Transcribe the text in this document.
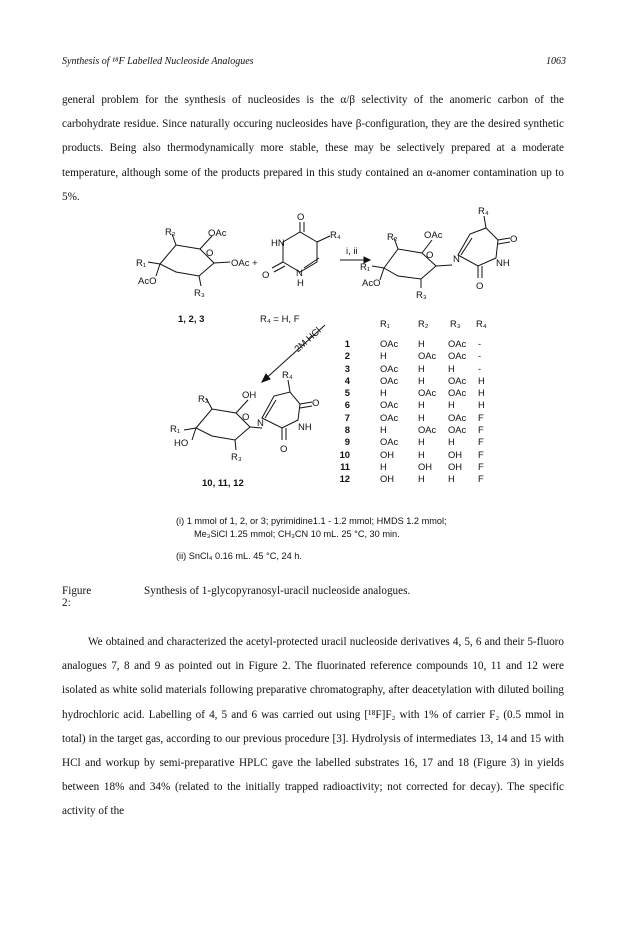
Synthesis of ¹⁸F Labelled Nucleoside Analogues	1063
general problem for the synthesis of nucleosides is the α/β selectivity of the anomeric carbon of the carbohydrate residue. Since naturally occuring nucleosides have β-configuration, they are the desired synthetic products. Being also thermodynamically more stable, these may be selectively prepared at a moderate temperature, although some of the products prepared in this study contained an α-anomer contamination up to 5%.
R₂	OAc
R₁
AcO
R₃
O
OAc +
O
HN
R₄
O	N
H
i, ii
R₂	OAc
R₁
AcO
R₃
O
R₄
O
N	NH
O
2M HCl
R₂	OH
R₁
HO
R₃
O
R₄
O
N	NH
O
1, 2, 3	R₄ = H, F
10, 11, 12
R₁	R₂ R₃ R₄
1	OAc H OAc -
2	H	OAc OAc -
3	OAc H H -
4	OAc H OAc H
5	H	OAc OAc H
6	OAc H H H
7	OAc H OAc F
8	H	OAc OAc F
9	OAc H H F
10	OH	H OH F
11	H	OH OH F
12	OH	H H F
(i) 1 mmol of 1, 2, or 3; pyrimidine1.1 - 1.2 mmol; HMDS 1.2 mmol;
Me₃SiCl 1.25 mmol; CH₃CN 10 mL. 25 °C, 30 min.
(ii) SnCl₄ 0.16 mL. 45 °C, 24 h.
Figure 2:
Synthesis of 1-glycopyranosyl-uracil nucleoside analogues.
We obtained and characterized the acetyl-protected uracil nucleoside derivatives 4, 5, 6 and their 5-fluoro analogues 7, 8 and 9 as pointed out in Figure 2. The fluorinated reference compounds 10, 11 and 12 were isolated as white solid materials following preparative chromatography, after deacetylation with diluted boiling hydrochloric acid. Labelling of 4, 5 and 6 was carried out using [¹⁸F]F₂ with 1% of carrier F₂ (0.5 mmol in total) in the target gas, according to our previous procedure [3]. Hydrolysis of intermediates 13, 14 and 15 with HCl and workup by semi-preparative HPLC gave the labelled substrates 16, 17 and 18 (Figure 3) in yields between 18% and 34% (related to the initially trapped radioactivity; not corrected for decay). The specific activity of the
